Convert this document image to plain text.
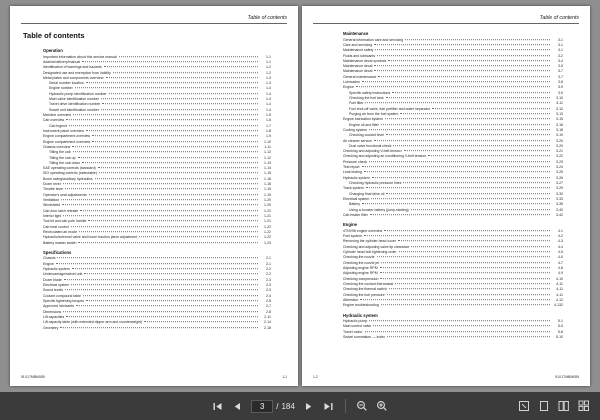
Table of contents
Table of contents
Operation
Important information about this service manual	1-1
Adaline/delivery/manual	1-1
Identification of warnings and hazards	1-2
Designated use and exemption from liability	1-2
Metal plates and components overview	1-3
Serial number location	1-3
Engine number	1-4
Hydraulic pump identification number	1-4
Main valve identification number	1-4
Travel drive identification number	1-4
Swivel unit identification number	1-4
Machine overview	1-5
Cab overview	1-6
Cab legend	1-7
Instrument panel overview	1-8
Engine compartment overview	1-9
Engine compartment overview	1-10
Chassis overview	1-11
Tilting the cab	1-12
Tilting the cab up	1-12
Tilting the cab down	1-13
SAE operating controls (standard)	1-14
ISO operating controls (selectable)	1-15
Boom swing/auxiliary hydraulics	1-16
Dozer lever	1-18
Throttle lever	1-19
Operator's seat adjustments	1-19
Ventilation	1-20
Windshield	1-20
Cab door latch release	1-21
Interior light	1-21
Tool kit and cab pole handle	1-21
Cab heat control	1-22
Recirculated air mode	1-22
Hydraulic/solenoid valve and boom traction piece adjustment	1-22
Battery master switch	1-23
Specifications
Chassis	2-1
Engine	2-1
Hydraulic system	2-2
Undercarriage/swivel unit	2-2
Dozer blade	2-3
Electrical system	2-3
Sound levels	2-3
Coolant compound table	2-4
Specific tightening torques	2-5
Approved lubricants	2-7
Dimensions	2-8
Lift capacities	2-11
Lift capacity table (with extended dipper arm and counterweight)	2-14
Geometry	2-18
91X17MBM089	1-1
Table of contents
Maintenance
General information care and servicing	3-1
Care and servicing	3-1
Maintenance safety	3-1
Fluids and lubricants	3-2
Maintenance decal symbols	3-4
Maintenance decal	3-5
Maintenance decal	3-7
General maintenance	3-7
Lubrication	3-8
Engine	3-9
Specific safety instructions	3-9
Checking the fuel tank	3-10
Fuel filter	3-11
Fuel shut-off valve, fuel prefilter and water separator	3-12
Purging air from the fuel system	3-13
Engine lubrication system	3-15
Engine oil and filter	3-16
Cooling system	3-18
Checking coolant level	3-19
Air cleaner service	3-20
Dust valve functional check	3-20
Checking and adjusting V-belt tension	3-21
Checking and adjusting air conditioning V-belt tension	3-22
Pressure check	3-23
Test report	3-24
Leak testing	3-25
Hydraulic system	3-26
Checking hydraulic pressure lines	3-27
Track system	3-29
Changing final drive oil	3-30
Electrical system	3-33
Battery	3-35
Using a booster battery (jump-starting)	3-40
Cab heater filter	3-42
Engine
4TNV98 engine overview	4-1
Fuel system	4-2
Removing the cylinder head cover	4-3
Checking and adjusting valve tip clearance	4-4
Cylinder head bolt tightening order	4-5
Checking the nozzle	4-6
Checking the nozzle jet	4-7
Adjusting engine RPM	4-8
Adjusting engine RPM	4-9
Checking compression	4-10
Checking the coolant thermostat	4-11
Checking the thermal switch	4-11
Checking the fuel pressure	4-11
Alternator	4-12
Engine troubleshooting	4-132
Hydraulic system
Hydraulic pump	5-1
Main control valve	5-5
Travel motor	5-8
Swivel summation — index	5-10
1-2	91X17MBM089
3
/ 184
